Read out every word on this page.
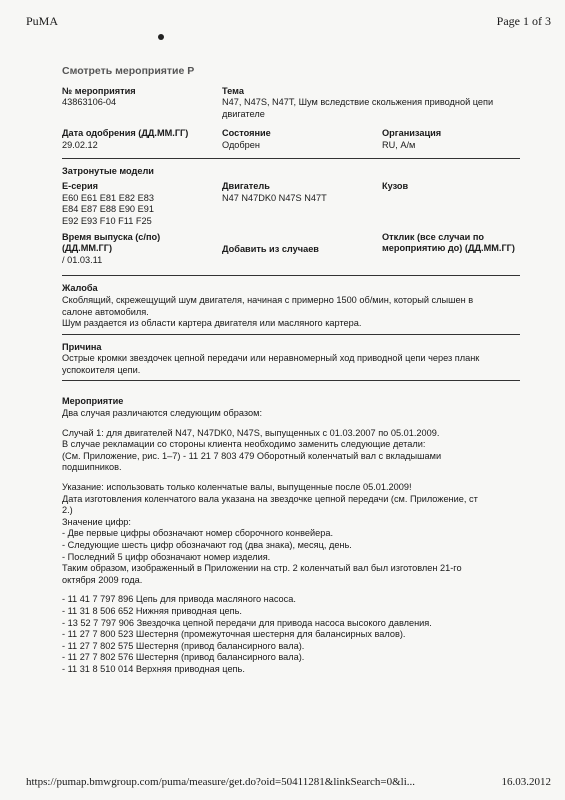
PuMA	Page 1 of 3
Смотреть мероприятие Р
№ мероприятия
43863106-04
Тема
N47, N47S, N47T, Шум вследствие скольжения приводной цепи
двигателе
Дата одобрения (ДД.ММ.ГГ)
29.02.12
Состояние
Одобрен
Организация
RU, А/м
Затронутые модели
E-серия
E60 E61 E81 E82 E83
E84 E87 E88 E90 E91
E92 E93 F10 F11 F25
Двигатель
N47 N47DK0 N47S N47T
Кузов
Время выпуска (с/по) (ДД.ММ.ГГ)
/ 01.03.11
Добавить из случаев
Отклик (все случаи по мероприятию до) (ДД.ММ.ГГ)
Жалоба
Скоблящий, скрежещущий шум двигателя, начиная с примерно 1500 об/мин, который слышен в
салоне автомобиля.
Шум раздается из области картера двигателя или масляного картера.
Причина
Острые кромки звездочек цепной передачи или неравномерный ход приводной цепи через планк
успокоителя цепи.
Мероприятие
Два случая различаются следующим образом:
Случай 1: для двигателей N47, N47DK0, N47S, выпущенных с 01.03.2007 по 05.01.2009.
В случае рекламации со стороны клиента необходимо заменить следующие детали:
(См. Приложение, рис. 1–7) - 11 21 7 803 479 Оборотный коленчатый вал с вкладышами
подшипников.
Указание: использовать только коленчатые валы, выпущенные после 05.01.2009!
Дата изготовления коленчатого вала указана на звездочке цепной передачи (см. Приложение, ст
2.)
Значение цифр:
- Две первые цифры обозначают номер сборочного конвейера.
- Следующие шесть цифр обозначают год (два знака), месяц, день.
- Последний 5 цифр обозначают номер изделия.
Таким образом, изображенный в Приложении на стр. 2 коленчатый вал был изготовлен 21-го
октября 2009 года.
- 11 41 7 797 896 Цепь для привода масляного насоса.
- 11 31 8 506 652 Нижняя приводная цепь.
- 13 52 7 797 906 Звездочка цепной передачи для привода насоса высокого давления.
- 11 27 7 800 523 Шестерня (промежуточная шестерня для балансирных валов).
- 11 27 7 802 575 Шестерня (привод балансирного вала).
- 11 27 7 802 576 Шестерня (привод балансирного вала).
- 11 31 8 510 014 Верхняя приводная цепь.
https://pumap.bmwgroup.com/puma/measure/get.do?oid=50411281&linkSearch=0&li...	16.03.2012
